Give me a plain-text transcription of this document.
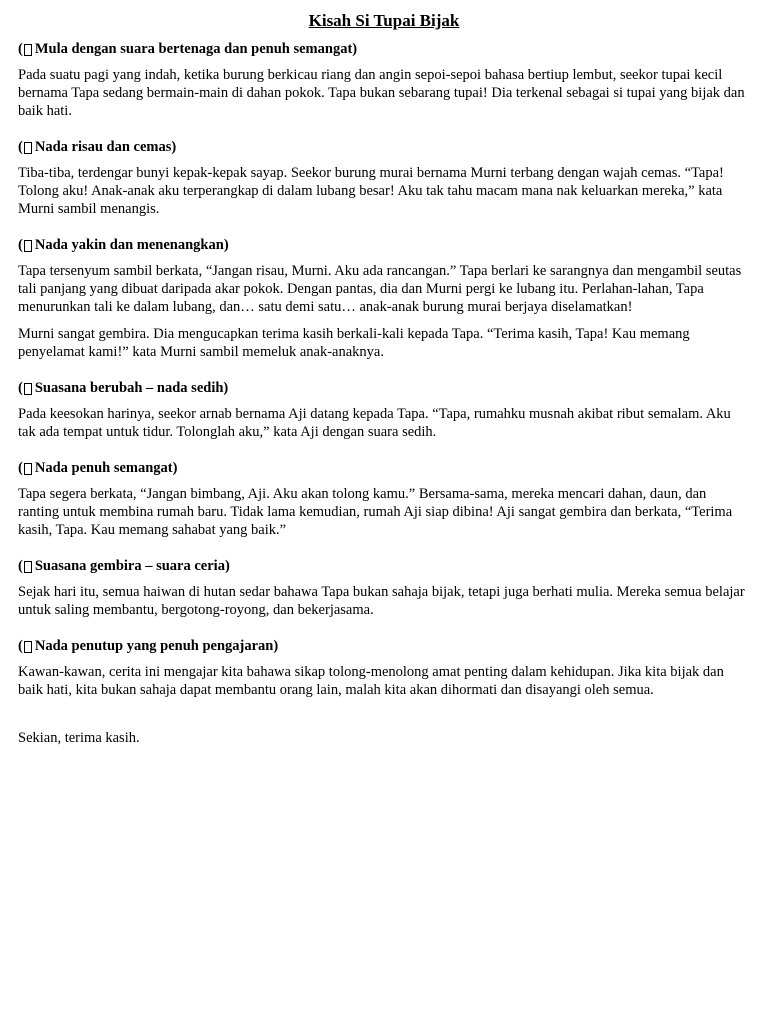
Kisah Si Tupai Bijak
( Mula dengan suara bertenaga dan penuh semangat )
Pada suatu pagi yang indah, ketika burung berkicau riang dan angin sepoi-sepoi bahasa bertiup lembut, seekor tupai kecil bernama Tapa sedang bermain-main di dahan pokok. Tapa bukan sebarang tupai! Dia terkenal sebagai si tupai yang bijak dan baik hati.
( Nada risau dan cemas )
Tiba-tiba, terdengar bunyi kepak-kepak sayap. Seekor burung murai bernama Murni terbang dengan wajah cemas. “Tapa! Tolong aku! Anak-anak aku terperangkap di dalam lubang besar! Aku tak tahu macam mana nak keluarkan mereka,” kata Murni sambil menangis.
( Nada yakin dan menenangkan )
Tapa tersenyum sambil berkata, “Jangan risau, Murni. Aku ada rancangan.” Tapa berlari ke sarangnya dan mengambil seutas tali panjang yang dibuat daripada akar pokok. Dengan pantas, dia dan Murni pergi ke lubang itu. Perlahan-lahan, Tapa menurunkan tali ke dalam lubang, dan… satu demi satu… anak-anak burung murai berjaya diselamatkan!
Murni sangat gembira. Dia mengucapkan terima kasih berkali-kali kepada Tapa. “Terima kasih, Tapa! Kau memang penyelamat kami!” kata Murni sambil memeluk anak-anaknya.
( Suasana berubah – nada sedih )
Pada keesokan harinya, seekor arnab bernama Aji datang kepada Tapa. “Tapa, rumahku musnah akibat ribut semalam. Aku tak ada tempat untuk tidur. Tolonglah aku,” kata Aji dengan suara sedih.
( Nada penuh semangat )
Tapa segera berkata, “Jangan bimbang, Aji. Aku akan tolong kamu.” Bersama-sama, mereka mencari dahan, daun, dan ranting untuk membina rumah baru. Tidak lama kemudian, rumah Aji siap dibina! Aji sangat gembira dan berkata, “Terima kasih, Tapa. Kau memang sahabat yang baik.”
( Suasana gembira – suara ceria )
Sejak hari itu, semua haiwan di hutan sedar bahawa Tapa bukan sahaja bijak, tetapi juga berhati mulia. Mereka semua belajar untuk saling membantu, bergotong-royong, dan bekerjasama.
( Nada penutup yang penuh pengajaran )
Kawan-kawan, cerita ini mengajar kita bahawa sikap tolong-menolong amat penting dalam kehidupan. Jika kita bijak dan baik hati, kita bukan sahaja dapat membantu orang lain, malah kita akan dihormati dan disayangi oleh semua.
Sekian, terima kasih.
